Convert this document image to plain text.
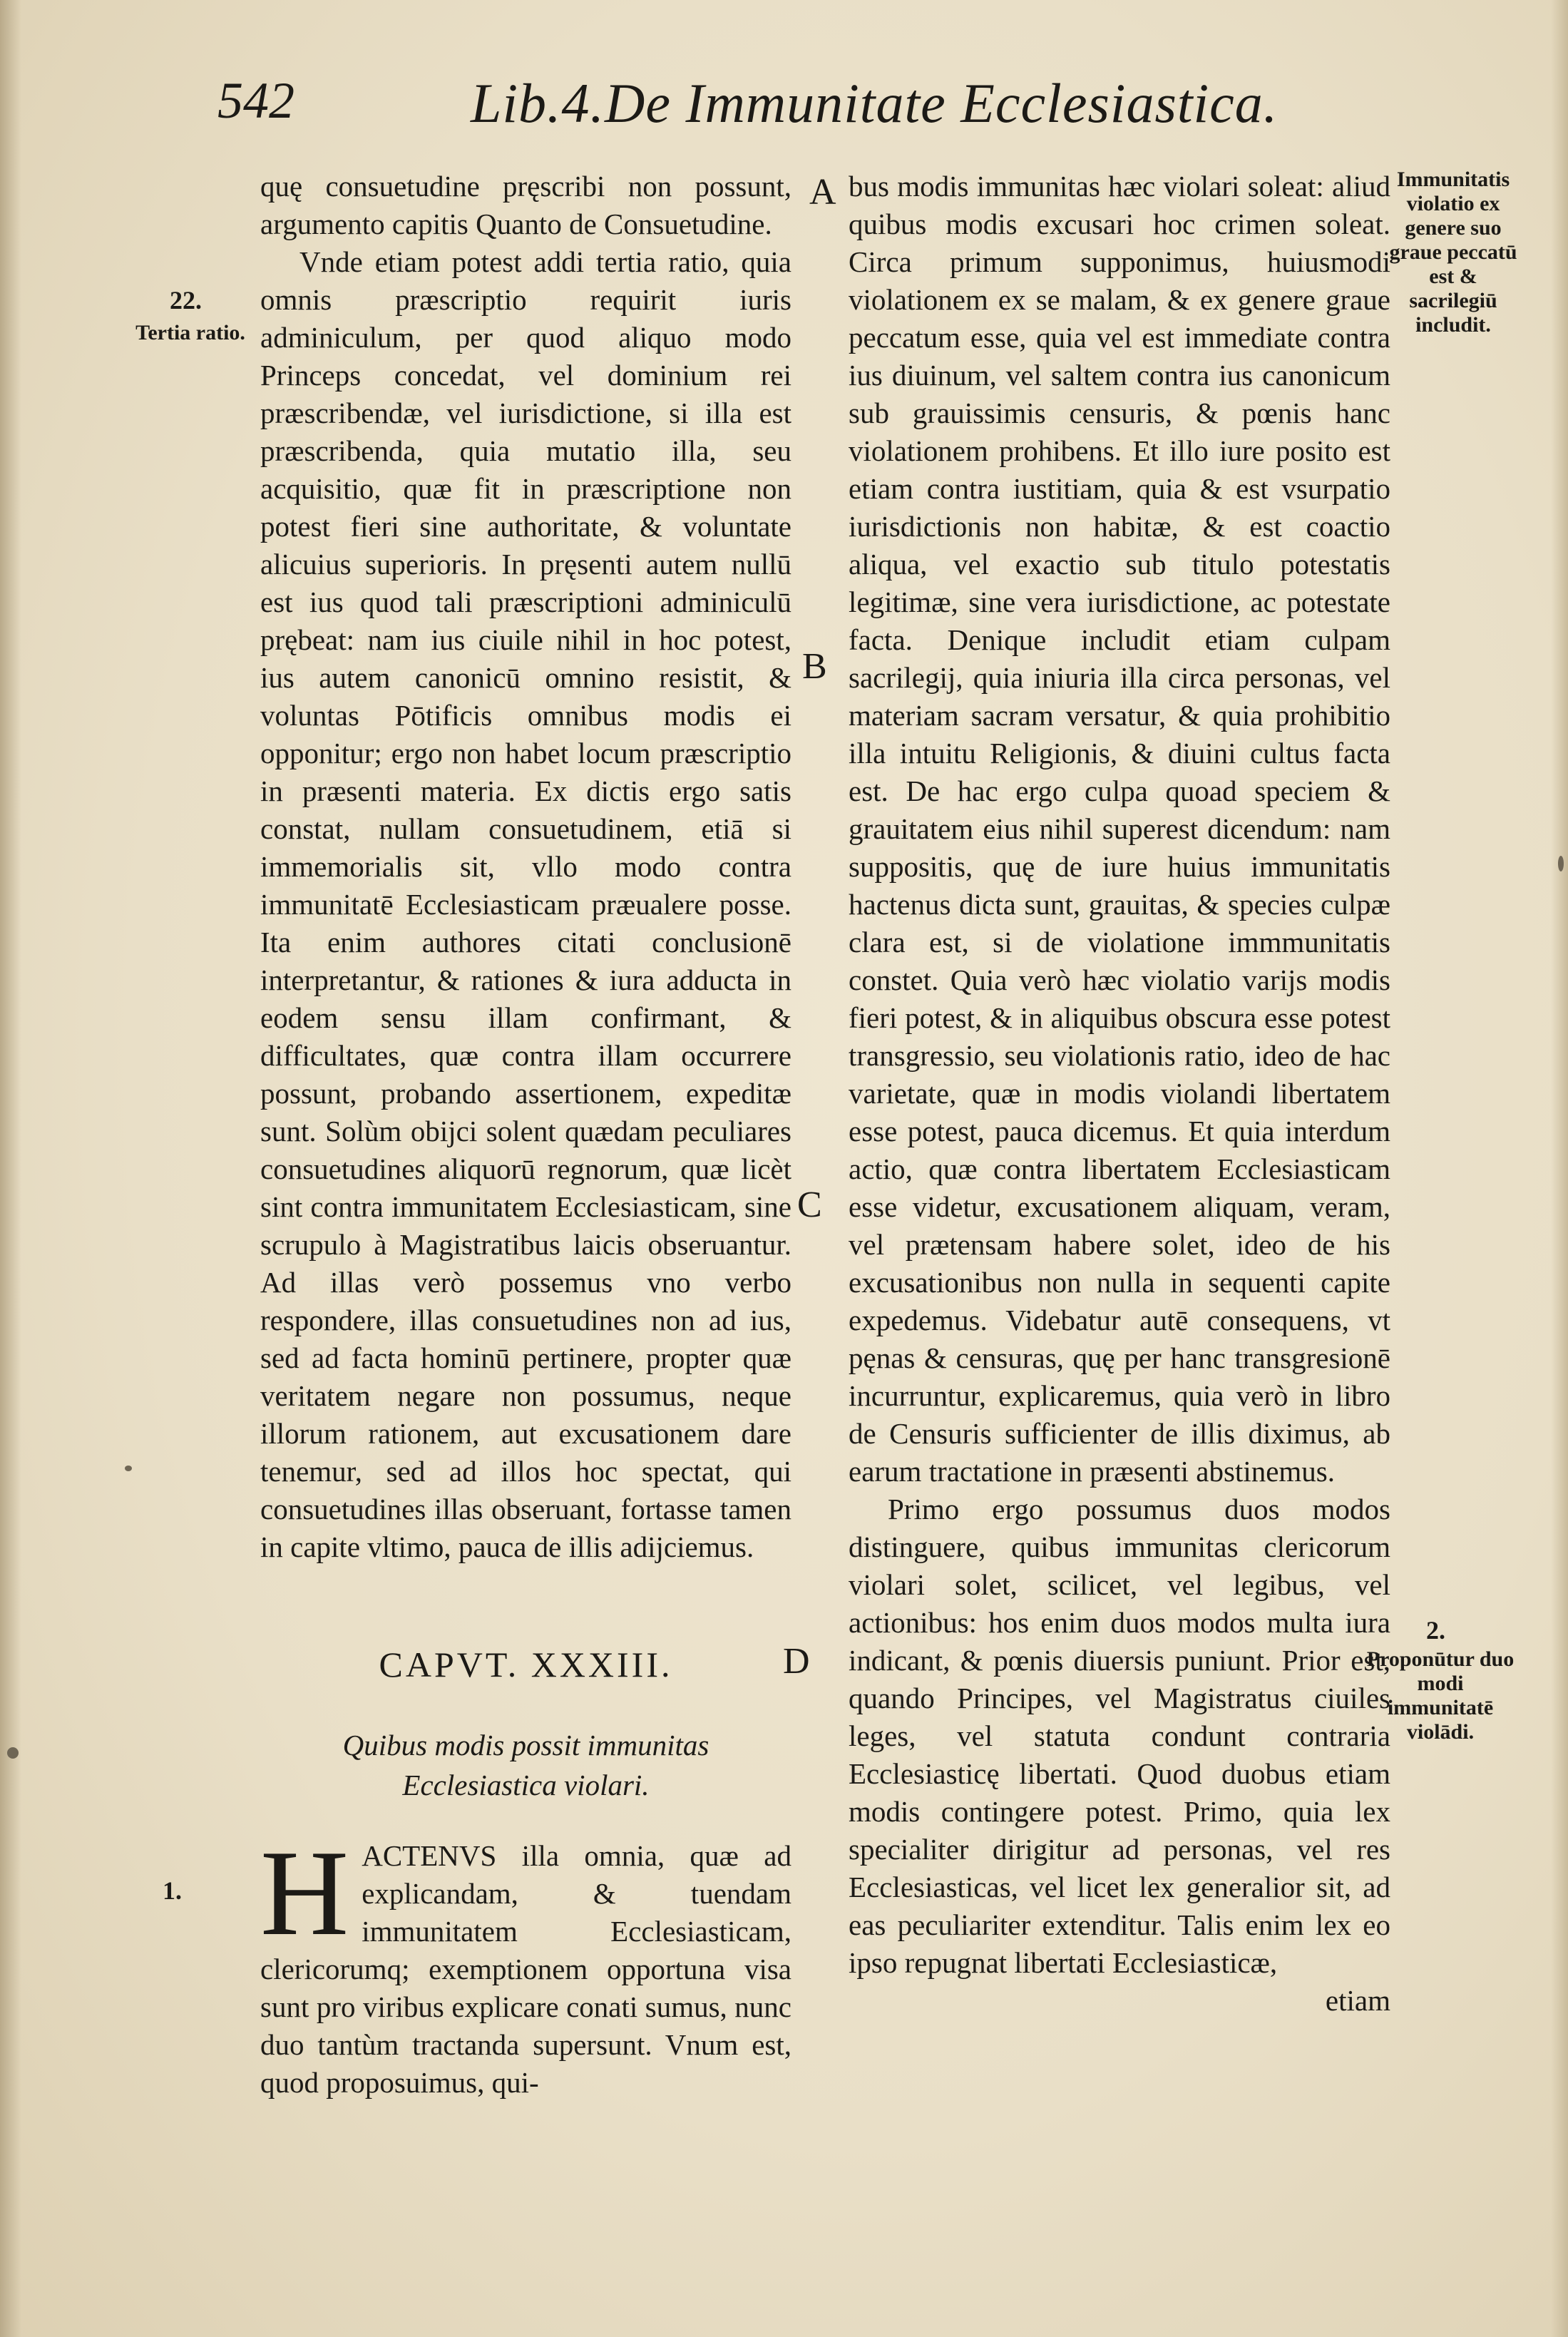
542	Lib.4.De Immunitate Ecclesiastica.

quę consuetudine pręscribi non possunt, argumento capitis Quanto de Consuetudine.

Vnde etiam potest addi tertia ratio, quia omnis præscriptio requirit iuris adminiculum, per quod aliquo modo Princeps concedat, vel dominium rei præscribendæ, vel iurisdictione, si illa est præscribenda, quia mutatio illa, seu acquisitio, quæ fit in præscriptione non potest fieri sine authoritate, & voluntate alicuius superioris. In pręsenti autem nullū est ius quod tali præscriptioni adminiculū prębeat: nam ius ciuile nihil in hoc potest, ius autem canonicū omnino resistit, & voluntas Pōtificis omnibus modis ei opponitur; ergo non habet locum præscriptio in præsenti materia. Ex dictis ergo satis constat, nullam consuetudinem, etiā si immemorialis sit, vllo modo contra immunitatē Ecclesiasticam præualere posse. Ita enim authores citati conclusionē interpretantur, & rationes & iura adducta in eodem sensu illam confirmant, & difficultates, quæ contra illam occurrere possunt, probando assertionem, expeditæ sunt. Solùm obijci solent quædam peculiares consuetudines aliquorū regnorum, quæ licèt sint contra immunitatem Ecclesiasticam, sine scrupulo à Magistratibus laicis obseruantur. Ad illas verò possemus vno verbo respondere, illas consuetudines non ad ius, sed ad facta hominū pertinere, propter quæ veritatem negare non possumus, neque illorum rationem, aut excusationem dare tenemur, sed ad illos hoc spectat, qui consuetudines illas obseruant, fortasse tamen in capite vltimo, pauca de illis adijciemus.

CAPVT. XXXIII.
Quibus modis possit immunitas Ecclesiastica violari.
H ACTENVS illa omnia, quæ ad explicandam, & tuendam immunitatem Ecclesiasticam, clericorumq; exemptionem opportuna visa sunt pro viribus explicare conati sumus, nunc duo tantùm tractanda supersunt. Vnum est, quod proposuimus, qui-

bus modis immunitas hæc violari soleat: aliud quibus modis excusari hoc crimen soleat. Circa primum supponimus, huiusmodi violationem ex se malam, & ex genere graue peccatum esse, quia vel est immediate contra ius diuinum, vel saltem contra ius canonicum sub grauissimis censuris, & pœnis hanc violationem prohibens. Et illo iure posito est etiam contra iustitiam, quia & est vsurpatio iurisdictionis non habitæ, & est coactio aliqua, vel exactio sub titulo potestatis legitimæ, sine vera iurisdictione, ac potestate facta. Denique includit etiam culpam sacrilegij, quia iniuria illa circa personas, vel materiam sacram versatur, & quia prohibitio illa intuitu Religionis, & diuini cultus facta est. De hac ergo culpa quoad speciem & grauitatem eius nihil superest dicendum: nam suppositis, quę de iure huius immunitatis hactenus dicta sunt, grauitas, & species culpæ clara est, si de violatione immmunitatis constet. Quia verò hæc violatio varijs modis fieri potest, & in aliquibus obscura esse potest transgressio, seu violationis ratio, ideo de hac varietate, quæ in modis violandi libertatem esse potest, pauca dicemus. Et quia interdum actio, quæ contra libertatem Ecclesiasticam esse videtur, excusationem aliquam, veram, vel prætensam habere solet, ideo de his excusationibus non nulla in sequenti capite expedemus. Videbatur autē consequens, vt pęnas & censuras, quę per hanc transgresionē incurruntur, explicaremus, quia verò in libro de Censuris sufficienter de illis diximus, ab earum tractatione in præsenti abstinemus.

Primo ergo possumus duos modos distinguere, quibus immunitas clericorum violari solet, scilicet, vel legibus, vel actionibus: hos enim duos modos multa iura indicant, & pœnis diuersis puniunt. Prior est, quando Principes, vel Magistratus ciuiles leges, vel statuta condunt contraria Ecclesiasticę libertati. Quod duobus etiam modis contingere potest. Primo, quia lex specialiter dirigitur ad personas, vel res Ecclesiasticas, vel licet lex generalior sit, ad eas peculiariter extenditur. Talis enim lex eo ipso repugnat libertati Ecclesiasticæ,

etiam

A
B
C
D
22.
Tertia ratio.
1.
Immunitatis violatio ex genere suo graue peccatū est & sacrilegiū includit.
2.
Proponūtur duo modi immunitatē violādi.
